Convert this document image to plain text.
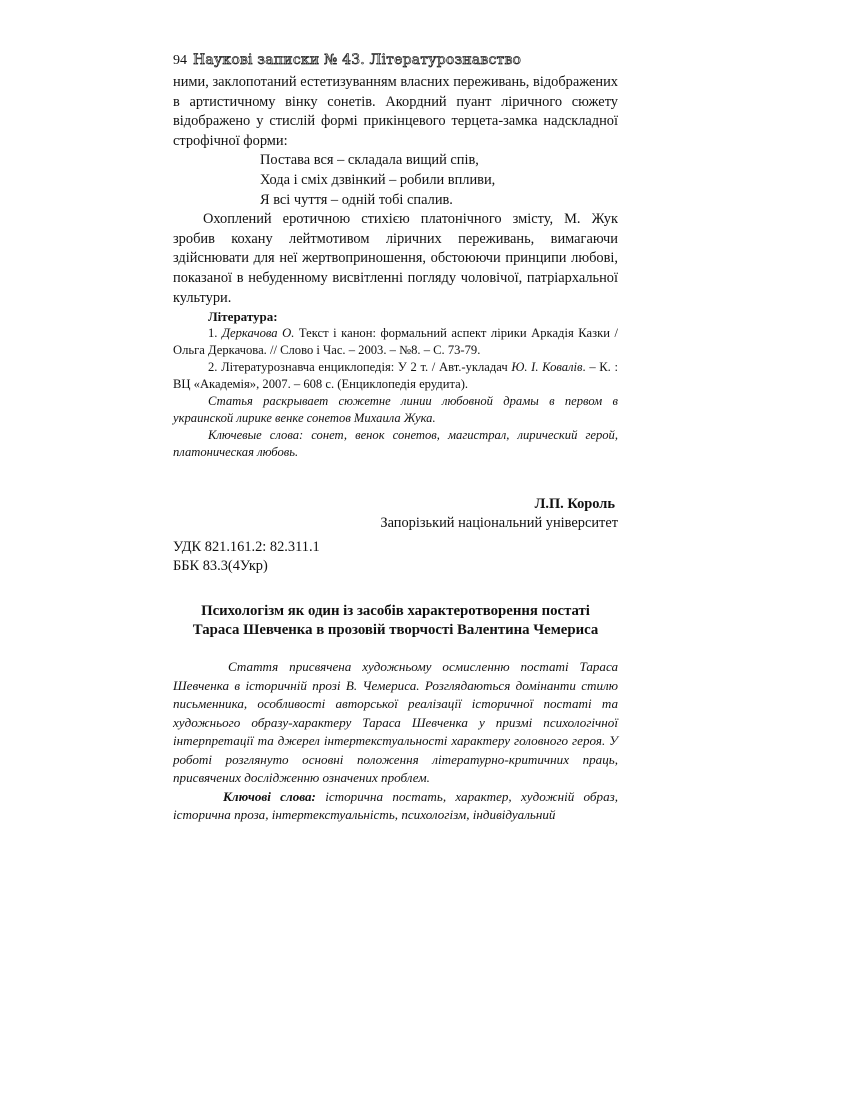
94 Наукові записки № 43. Літературознавство

ними, заклопотаний естетизуванням власних переживань, відображених в артистичному вінку сонетів. Акордний пуант ліричного сюжету відображено у стислій формі прикінцевого терцета-замка надскладної строфічної форми:

Постава вся – складала вищий спів,
Хода і сміх дзвінкий – робили впливи,
Я всі чуття – одній тобі спалив.

Охоплений еротичною стихією платонічного змісту, М. Жук зробив кохану лейтмотивом ліричних переживань, вимагаючи здійснювати для неї жертвоприношення, обстоюючи принципи любові, показаної в небуденному висвітленні поглядy чоловічої, патріархальної культури.

Література:

1. Деркачова О. Текст і канон: формальний аспект лірики Аркадія Казки / Ольга Деркачова. // Слово і Час. – 2003. – №8. – С. 73-79.

2. Літературознавча енциклопедія: У 2 т. / Авт.-укладач Ю. І. Ковалів. – К. : ВЦ «Академія», 2007. – 608 с. (Енциклопедія ерудита).

Статья раскрывает сюжетне линии любовной драмы в первом в украинской лирике венке сонетов Михаила Жука.

Ключевые слова: сонет, венок сонетов, магистрал, лирический герой, платоническая любовь.

Л.П. Король
Запорізький національний університет
УДК 821.161.2: 82.311.1
ББК 83.3(4Укр)
Психологізм як один із засобів характеротворення постаті
Тараса Шевченка в прозовій творчості Валентина Чемериса

Стаття присвячена художньому осмисленню постаті Тараса Шевченка в історичній прозі В. Чемериса. Розглядаються домінанти стилю письменника, особливості авторської реалізації історичної постаті та художнього образу-характеру Тараса Шевченка у призмі психологічної інтерпретації та джерел інтертекстуальності характеру головного героя. У роботі розглянуто основні положення літературно-критичних праць, присвячених дослідженню означених проблем.

Ключові слова: історична постать, характер, художній образ, історична проза, інтертекстуальність, психологізм, індивідуальний
